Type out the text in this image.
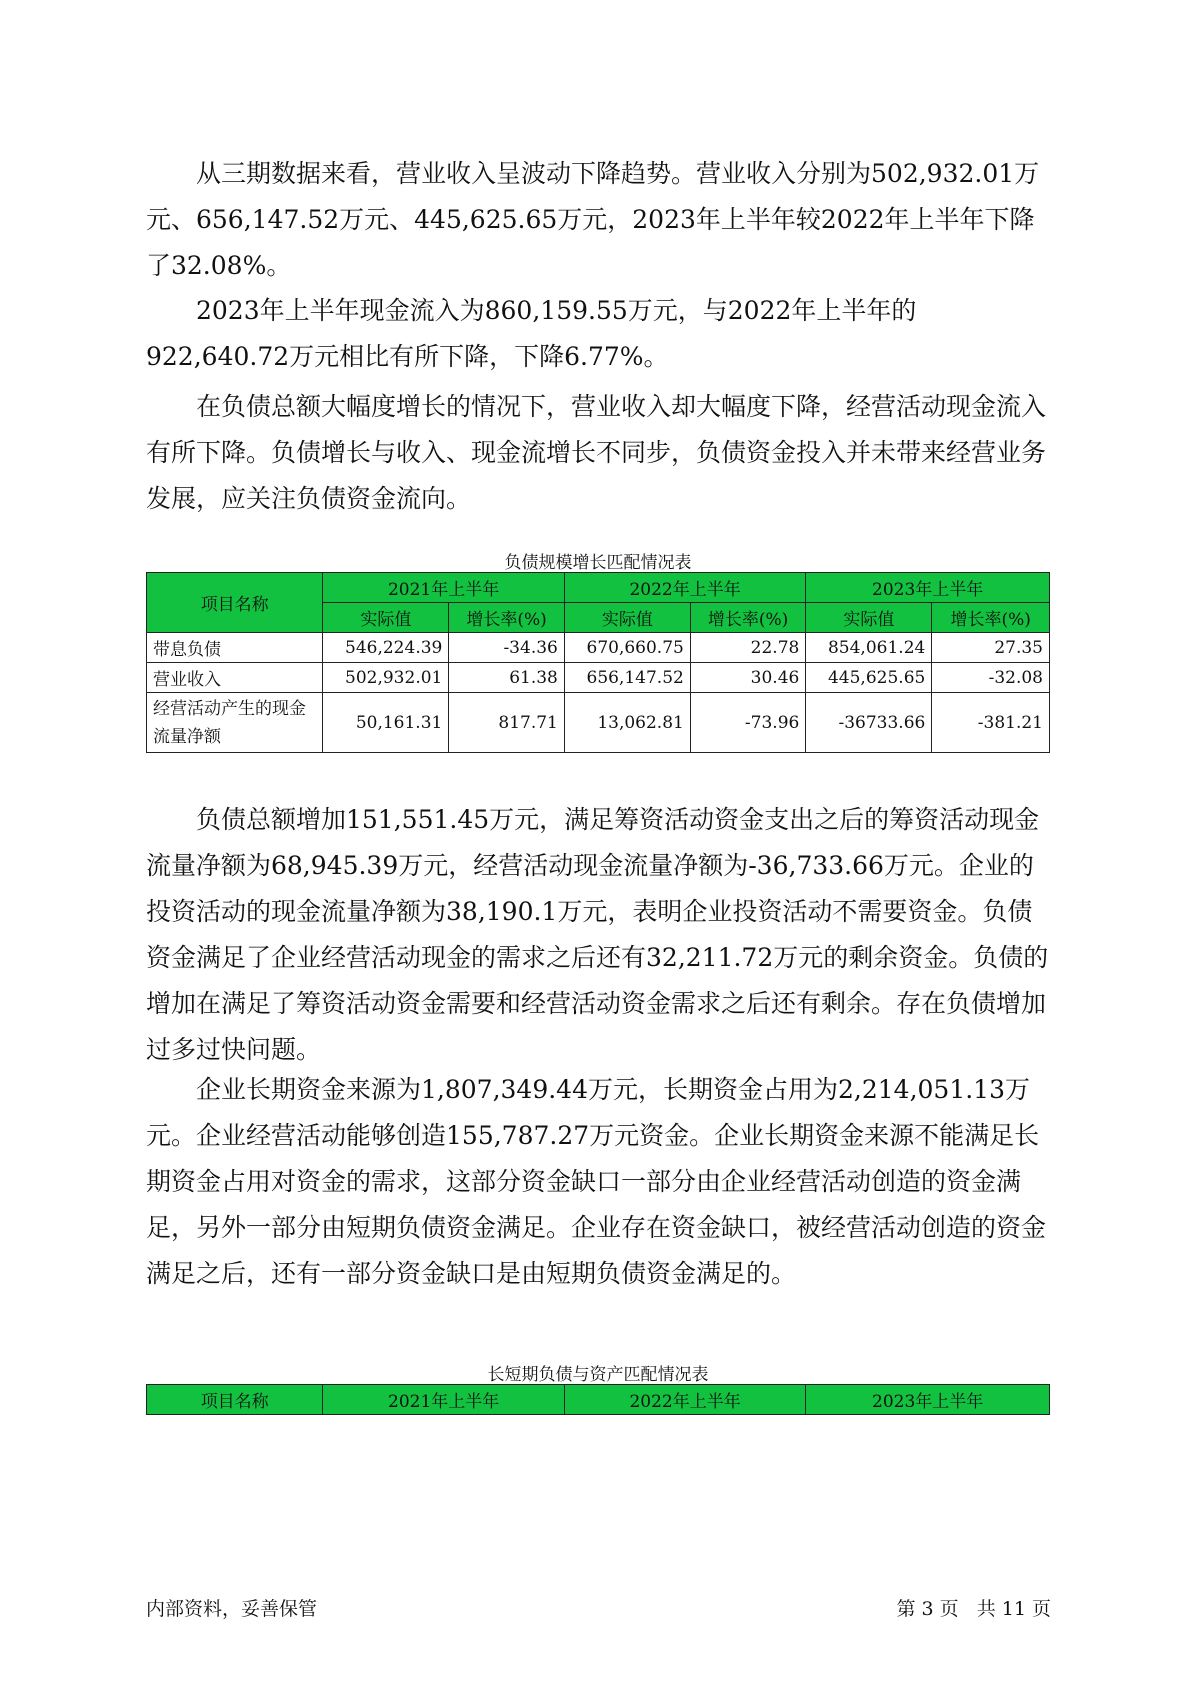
从三期数据来看，营业收入呈波动下降趋势。营业收入分别为502,932.01万元、656,147.52万元、445,625.65万元，2023年上半年较2022年上半年下降了32.08%。

2023年上半年现金流入为860,159.55万元，与2022年上半年的922,640.72万元相比有所下降，下降6.77%。

在负债总额大幅度增长的情况下，营业收入却大幅度下降，经营活动现金流入有所下降。负债增长与收入、现金流增长不同步，负债资金投入并未带来经营业务发展，应关注负债资金流向。

负债规模增长匹配情况表

项目名称	2021年上半年		2022年上半年		2023年上半年	
	实际值	增长率(%)	实际值	增长率(%)	实际值	增长率(%)
带息负债	546,224.39	-34.36	670,660.75	22.78	854,061.24	27.35
营业收入	502,932.01	61.38	656,147.52	30.46	445,625.65	-32.08
经营活动产生的现金流量净额	50,161.31	817.71	13,062.81	-73.96	-36733.66	-381.21

负债总额增加151,551.45万元，满足筹资活动资金支出之后的筹资活动现金流量净额为68,945.39万元，经营活动现金流量净额为-36,733.66万元。企业的投资活动的现金流量净额为38,190.1万元，表明企业投资活动不需要资金。负债资金满足了企业经营活动现金的需求之后还有32,211.72万元的剩余资金。负债的增加在满足了筹资活动资金需要和经营活动资金需求之后还有剩余。存在负债增加过多过快问题。

企业长期资金来源为1,807,349.44万元，长期资金占用为2,214,051.13万元。企业经营活动能够创造155,787.27万元资金。企业长期资金来源不能满足长期资金占用对资金的需求，这部分资金缺口一部分由企业经营活动创造的资金满足，另外一部分由短期负债资金满足。企业存在资金缺口，被经营活动创造的资金满足之后，还有一部分资金缺口是由短期负债资金满足的。

长短期负债与资产匹配情况表

项目名称	2021年上半年	2022年上半年	2023年上半年

内部资料，妥善保管	第 3 页   共 11 页
